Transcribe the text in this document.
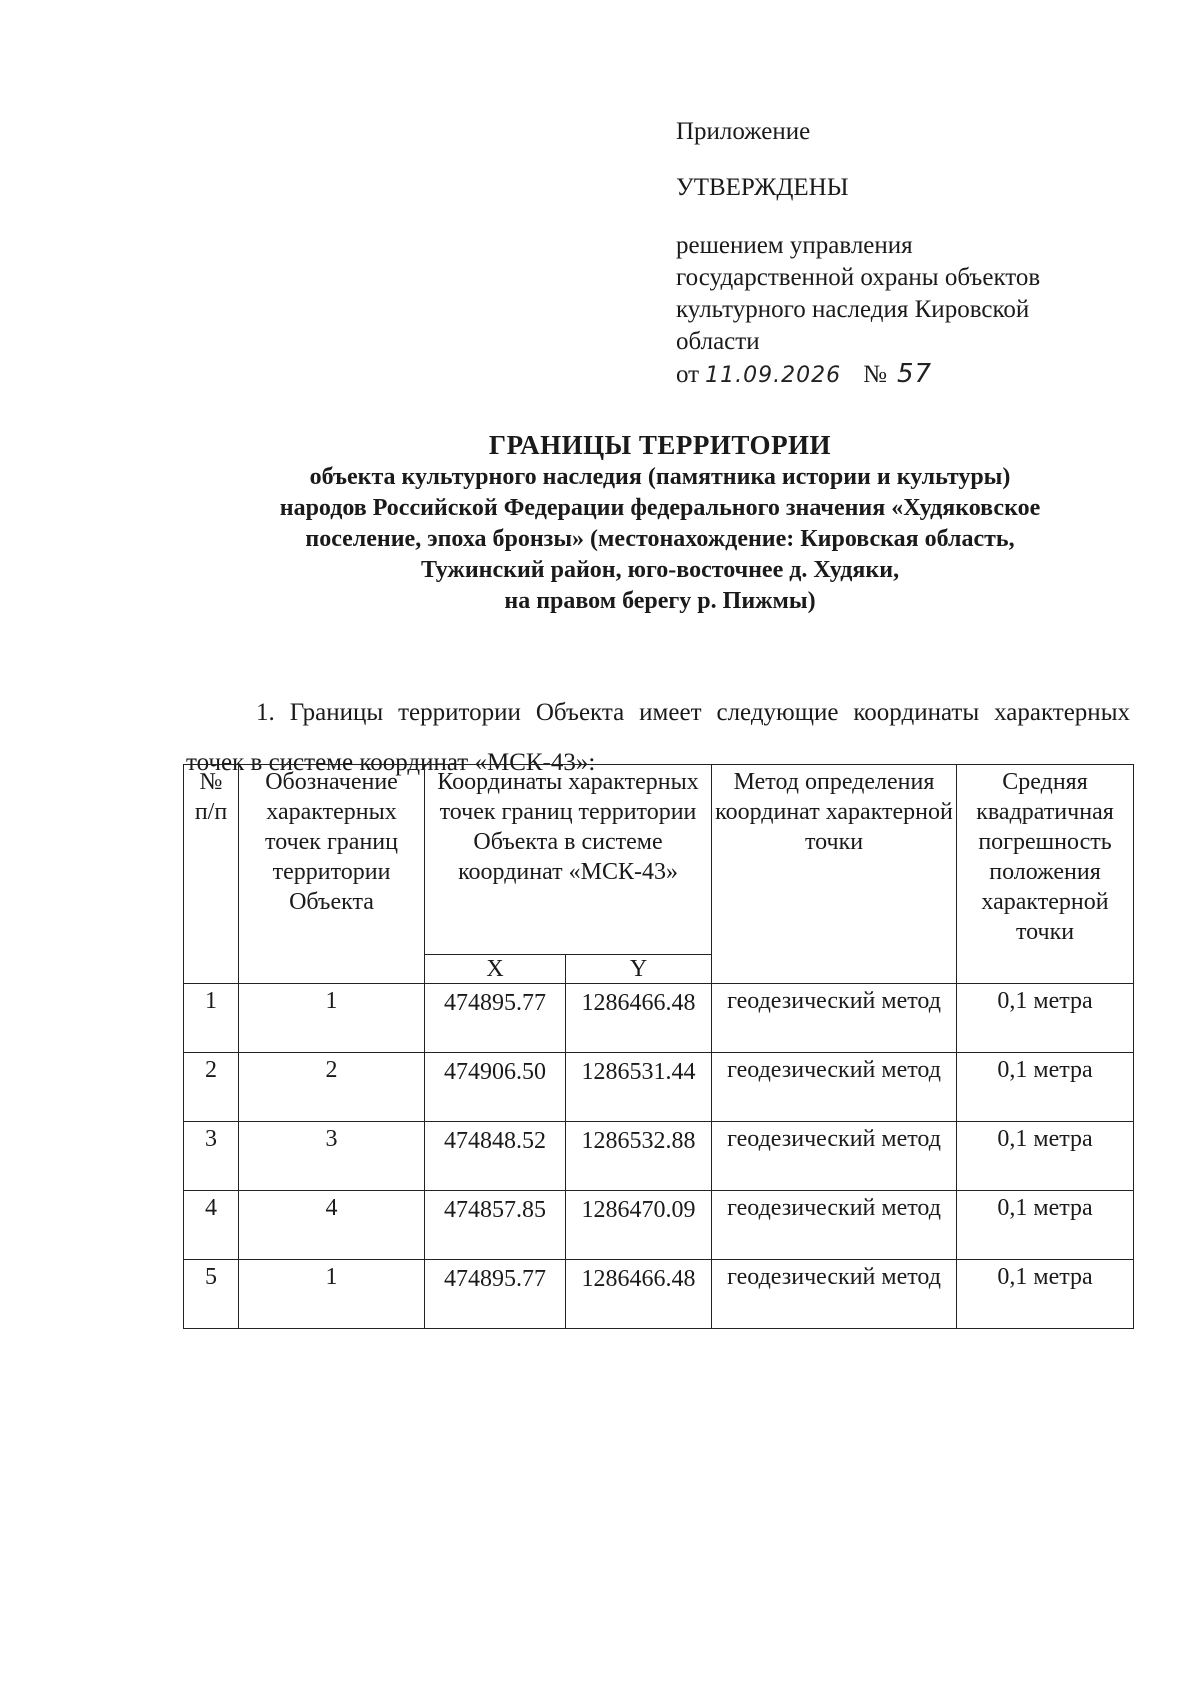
Приложение

УТВЕРЖДЕНЫ

решением управления

государственной охраны объектов

культурного наследия Кировской

области

от 11.09.2026 № 57

ГРАНИЦЫ ТЕРРИТОРИИ
объекта культурного наследия (памятника истории и культуры)
народов Российской Федерации федерального значения «Худяковское
поселение, эпоха бронзы» (местонахождение: Кировская область,
Тужинский район, юго-восточнее д. Худяки,
на правом берегу р. Пижмы)

1. Границы территории Объекта имеет следующие координаты характерных точек в системе координат «МСК-43»:

№ п/п	Обозначение характерных точек границ территории Объекта	Координаты характерных точек границ территории Объекта в системе координат «МСК-43»		Метод определения координат характерной точки	Средняя квадратичная погрешность положения характерной точки
		X	Y		
1	1	474895.77	1286466.48	геодезический метод	0,1 метра
2	2	474906.50	1286531.44	геодезический метод	0,1 метра
3	3	474848.52	1286532.88	геодезический метод	0,1 метра
4	4	474857.85	1286470.09	геодезический метод	0,1 метра
5	1	474895.77	1286466.48	геодезический метод	0,1 метра
